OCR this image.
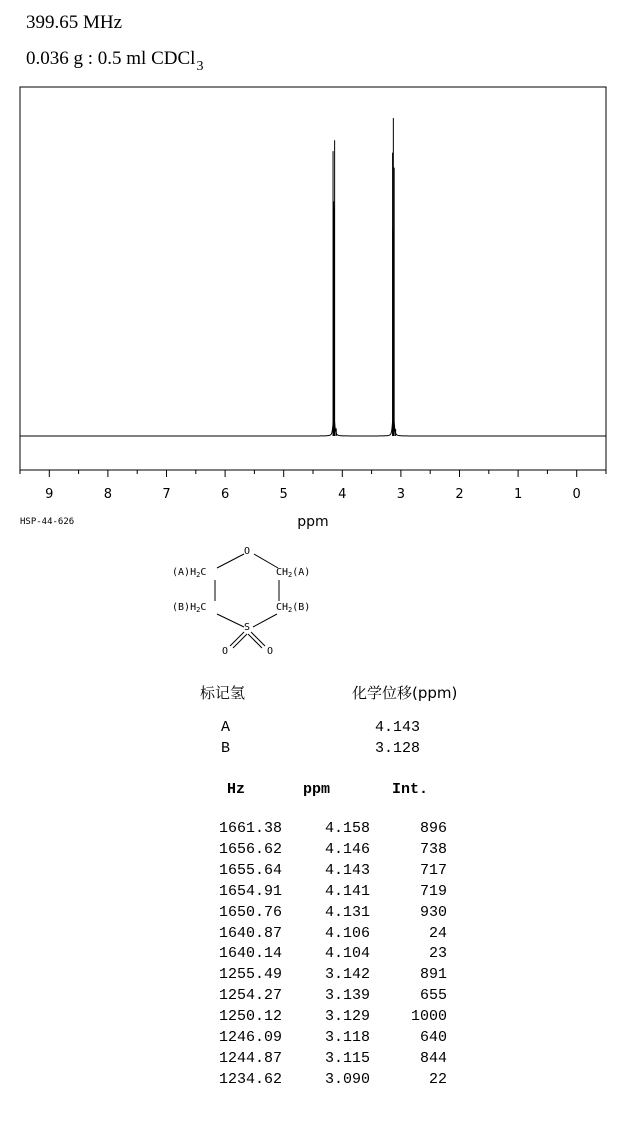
399.65 MHz
0.036 g : 0.5 ml CDCl$_3$
9	8	7	6	5	4	3	2	1	0
ppm
HSP-44-626
O
S
O	O
$(A)H_2C$
$(B)H_2C$
$CH_2(A)$
$CH_2(B)$
标记氢	化学位移(ppm)
A	4.143
B	3.128
Hz	ppm	Int.
1661.38	4.158	896
1656.62	4.146	738
1655.64	4.143	717
1654.91	4.141	719
1650.76	4.131	930
1640.87	4.106	24
1640.14	4.104	23
1255.49	3.142	891
1254.27	3.139	655
1250.12	3.129	1000
1246.09	3.118	640
1244.87	3.115	844
1234.62	3.090	22
